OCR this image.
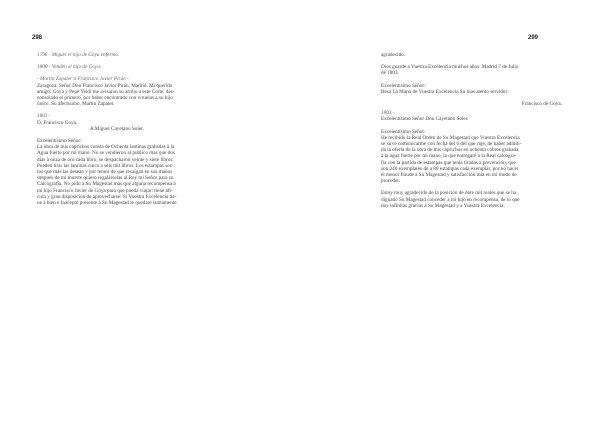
298

1796 - Miguel el hijo de Goya enfermo.

1800 - Venden el hijo de Goya.

- Martín Zapater a Francisco Javier Pirán -

Zaragoza. Señor Don Francisco Javier Pirán, Madrid. Mi querido

amigo: Goya y Pepe Yeldi me avisaron su arribo a este Corte, des-

consolado el primero, por haber encontrado con viruelas a su hijo

único. Su afectísimo, Martín Zapater.

1803 -

D. Francisco Goya.

A Miguel Cayetano Soler.

Excelentísimo Señor:

La obra de mis caprichos consta de Ochenta laminas grabadas à la

Agua fuerte por mi mano. No se vendieron al publico mas que dos

dias à onza de oro cada libro, se despacharon veinte y siete libros:

Pueden tirar las laminas cinco a seis mil libros. Los estampas son

los que más las desean y por temor de que recaigan en sus manos

después de mi muerte quiero regalárselas al Rey mi Señor para su

Calcografía. No pido à Su Magestad mas que alguna recompensa à

mi hijo Francisco Javier de Goya para que pueda viajar: tiene afi-

ción y gran disposición de aprovecharse: Si Vuestra Excelencia tie-

ne à bien e Inaceptó presente à Su Magestad le quedaré sumamente

299

agradecido.

Dios guarde a Vuestra Excelencia muchos años. Madrid 7 de Julio

de 1803.

Excelentísimo Señor:

Besa La Mano de Vuestra Excelencia Su mas atento servidor:

Francisco de Goya.

1803 -

Excelentísimo Señor Don Cayetano Soler.

Excelentísimo Señor:

He recibido la Real Orden de Su Magestad que Vuestra Excelencia

se sirve comunicarme con fecha del 6 del que rige, de haber admiti-

da la oferta de la obra de mis caprichos en ochenta cobres grabada

à la agua fuerte por mi mano, la que entregaré a la Real calcogra-

fía con la partida de estampas que tenía tiradas a prevención, que

son 240 exemplares de a 80 estampas cada exemplar, por no hacer

el menor fraude a Su Magestad y satisfacción mía en mi modo de

proceder.

Estoy muy agradecido de la posición de dote mil reales que se ha

dignado Su Magestad conceder a mi hijo en recompensa, de lo que

doy infinitas gracias a Su Magestad y a Vuestra Excelencia.
